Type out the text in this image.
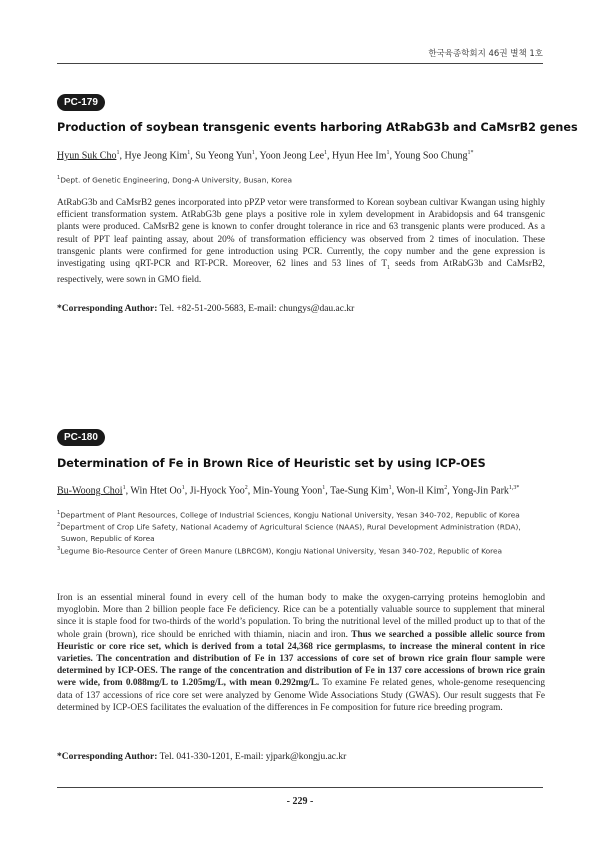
한국육종학회지 46권 별책 1호
PC-179
Production of soybean transgenic events harboring AtRabG3b and CaMsrB2 genes
Hyun Suk Cho$^1$, Hye Jeong Kim$^1$, Su Yeong Yun$^1$, Yoon Jeong Lee$^1$, Hyun Hee Im$^1$, Young Soo Chung$^{1*}$
$^1$Dept. of Genetic Engineering, Dong-A University, Busan, Korea
AtRabG3b and CaMsrB2 genes incorporated into pPZP vetor were transformed to Korean soybean cultivar Kwangan using highly efficient transformation system. AtRabG3b gene plays a positive role in xylem development in Arabidopsis and 64 transgenic plants were produced. CaMsrB2 gene is known to confer drought tolerance in rice and 63 transgenic plants were produced. As a result of PPT leaf painting assay, about 20% of transformation efficiency was observed from 2 times of inoculation. These transgenic plants were confirmed for gene introduction using PCR. Currently, the copy number and the gene expression is investigating using qRT-PCR and RT-PCR. Moreover, 62 lines and 53 lines of $T_1$ seeds from AtRabG3b and CaMsrB2, respectively, were sown in GMO field.
*Corresponding Author: Tel. +82-51-200-5683, E-mail: chungys@dau.ac.kr
PC-180
Determination of Fe in Brown Rice of Heuristic set by using ICP-OES
Bu-Woong Choi$^1$, Win Htet Oo$^1$, Ji-Hyock Yoo$^2$, Min-Young Yoon$^1$, Tae-Sung Kim$^1$, Won-il Kim$^2$, Yong-Jin Park$^{1,3*}$
$^1$Department of Plant Resources, College of Industrial Sciences, Kongju National University, Yesan 340-702, Republic of Korea
$^2$Department of Crop Life Safety, National Academy of Agricultural Science (NAAS), Rural Development Administration (RDA), Suwon, Republic of Korea
$^3$Legume Bio-Resource Center of Green Manure (LBRCGM), Kongju National University, Yesan 340-702, Republic of Korea
Iron is an essential mineral found in every cell of the human body to make the oxygen-carrying proteins hemoglobin and myoglobin. More than 2 billion people face Fe deficiency. Rice can be a potentially valuable source to supplement that mineral since it is staple food for two-thirds of the world’s population. To bring the nutritional level of the milled product up to that of the whole grain (brown), rice should be enriched with thiamin, niacin and iron. Thus we searched a possible allelic source from Heuristic or core rice set, which is derived from a total 24,368 rice germplasms, to increase the mineral content in rice varieties. The concentration and distribution of Fe in 137 accessions of core set of brown rice grain flour sample were determined by ICP-OES. The range of the concentration and distribution of Fe in 137 core accessions of brown rice grain were wide, from 0.088mg/L to 1.205mg/L, with mean 0.292mg/L. To examine Fe related genes, whole-genome resequencing data of 137 accessions of rice core set were analyzed by Genome Wide Associations Study (GWAS). Our result suggests that Fe determined by ICP-OES facilitates the evaluation of the differences in Fe composition for future rice breeding program.
*Corresponding Author: Tel. 041-330-1201, E-mail: yjpark@kongju.ac.kr
- 229 -
